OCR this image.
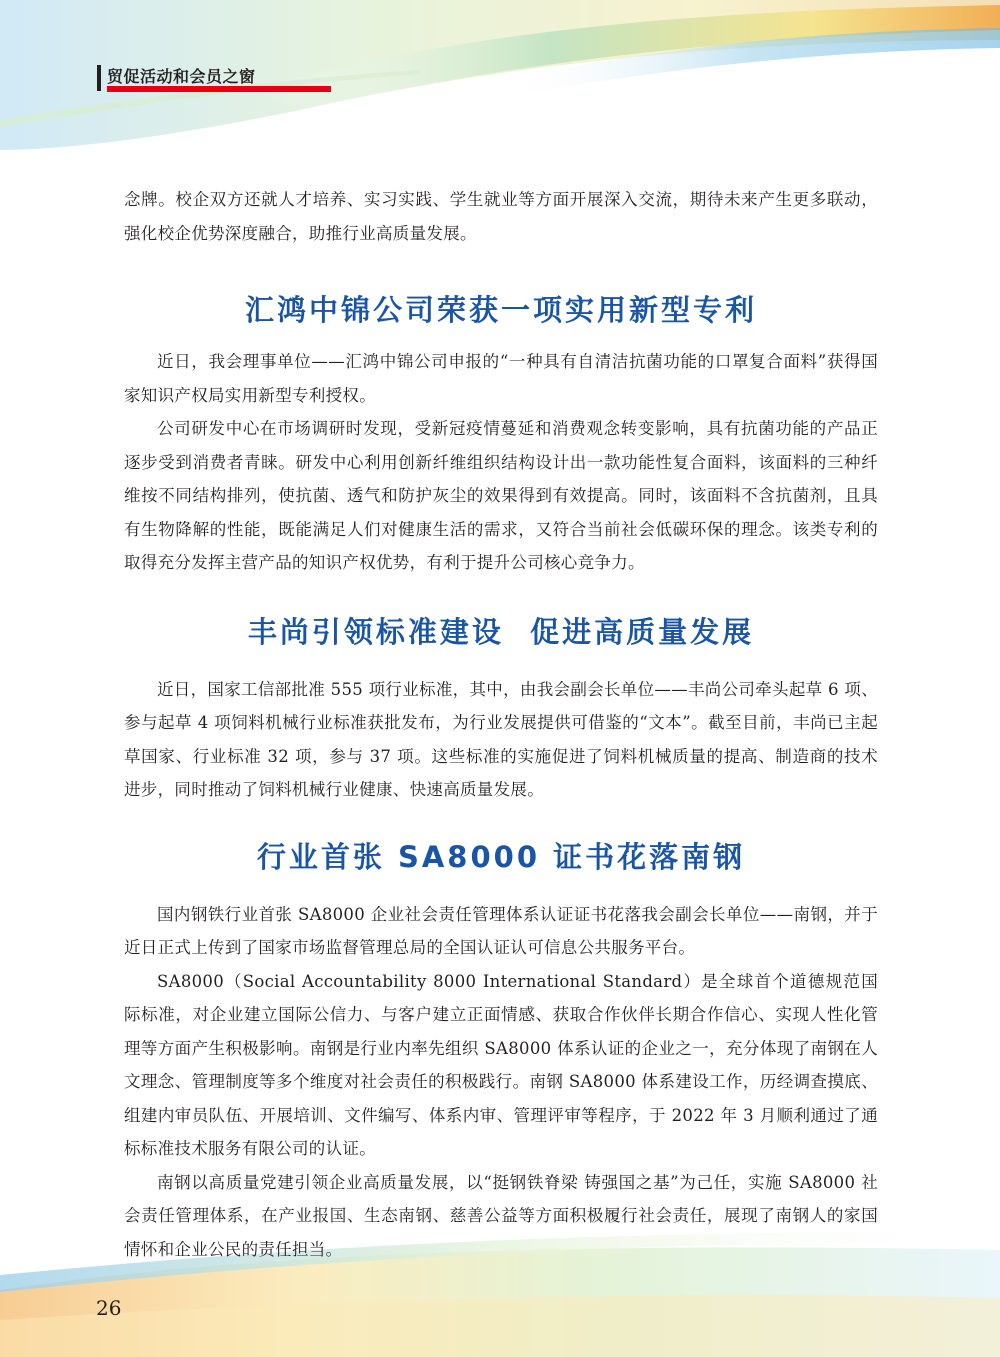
贸促活动和会员之窗

念牌。校企双方还就人才培养、实习实践、学生就业等方面开展深入交流，期待未来产生更多联动，强化校企优势深度融合，助推行业高质量发展。

汇鸿中锦公司荣获一项实用新型专利

近日，我会理事单位——汇鸿中锦公司申报的“一种具有自清洁抗菌功能的口罩复合面料”获得国家知识产权局实用新型专利授权。

公司研发中心在市场调研时发现，受新冠疫情蔓延和消费观念转变影响，具有抗菌功能的产品正逐步受到消费者青睐。研发中心利用创新纤维组织结构设计出一款功能性复合面料，该面料的三种纤维按不同结构排列，使抗菌、透气和防护灰尘的效果得到有效提高。同时，该面料不含抗菌剂，且具有生物降解的性能，既能满足人们对健康生活的需求，又符合当前社会低碳环保的理念。该类专利的取得充分发挥主营产品的知识产权优势，有利于提升公司核心竞争力。

丰尚引领标准建设  促进高质量发展

近日，国家工信部批准 555 项行业标准，其中，由我会副会长单位——丰尚公司牵头起草 6 项、参与起草 4 项饲料机械行业标准获批发布，为行业发展提供可借鉴的“文本”。截至目前，丰尚已主起草国家、行业标准 32 项，参与 37 项。这些标准的实施促进了饲料机械质量的提高、制造商的技术进步，同时推动了饲料机械行业健康、快速高质量发展。

行业首张 SA8000 证书花落南钢

国内钢铁行业首张 SA8000 企业社会责任管理体系认证证书花落我会副会长单位——南钢，并于近日正式上传到了国家市场监督管理总局的全国认证认可信息公共服务平台。

SA8000（Social Accountability 8000 International Standard）是全球首个道德规范国际标准，对企业建立国际公信力、与客户建立正面情感、获取合作伙伴长期合作信心、实现人性化管理等方面产生积极影响。南钢是行业内率先组织 SA8000 体系认证的企业之一，充分体现了南钢在人文理念、管理制度等多个维度对社会责任的积极践行。南钢 SA8000 体系建设工作，历经调查摸底、组建内审员队伍、开展培训、文件编写、体系内审、管理评审等程序，于 2022 年 3 月顺利通过了通标标准技术服务有限公司的认证。

南钢以高质量党建引领企业高质量发展，以“挺钢铁脊梁 铸强国之基”为己任，实施 SA8000 社会责任管理体系，在产业报国、生态南钢、慈善公益等方面积极履行社会责任，展现了南钢人的家国情怀和企业公民的责任担当。

26
